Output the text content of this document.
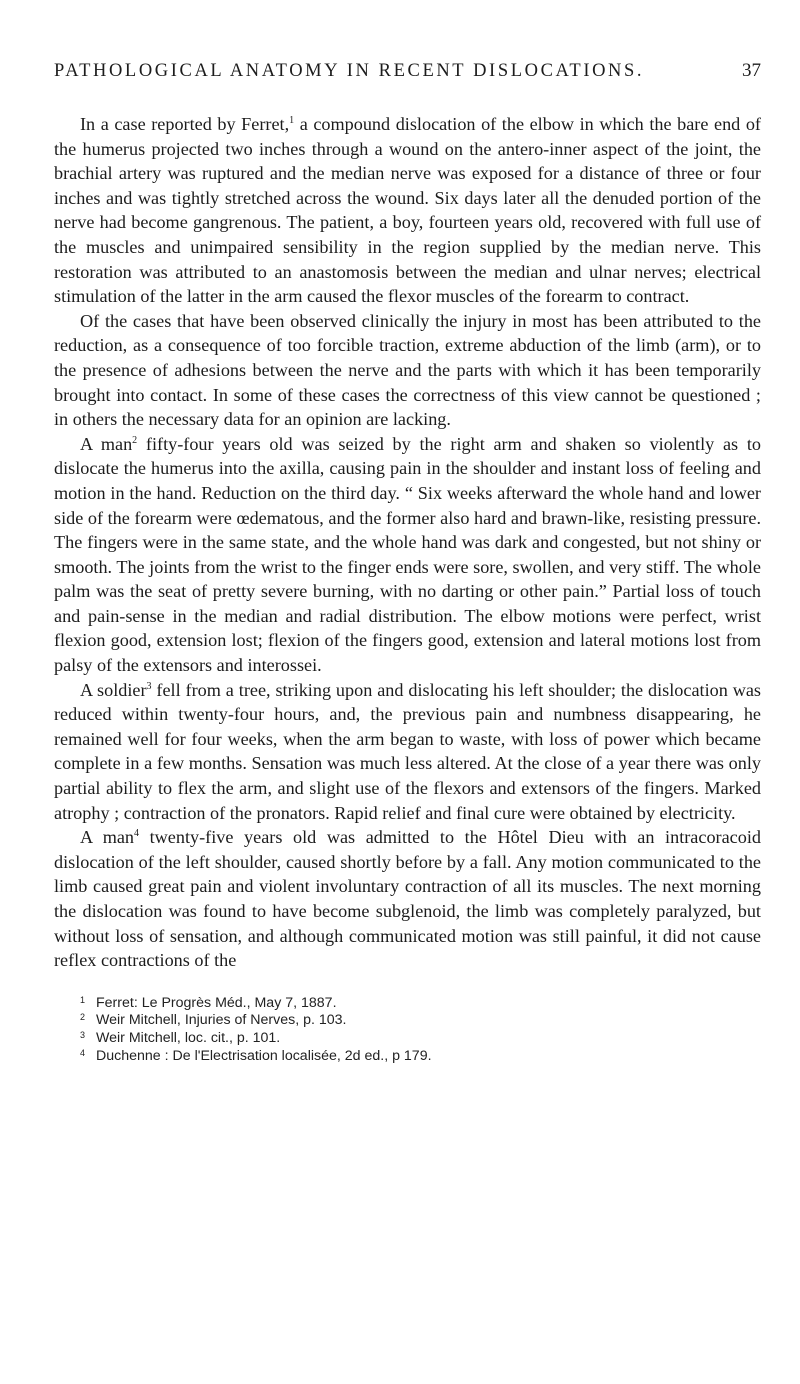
PATHOLOGICAL ANATOMY IN RECENT DISLOCATIONS.	37

In a case reported by Ferret,$^1$ a compound dislocation of the elbow in which the bare end of the humerus projected two inches through a wound on the antero-inner aspect of the joint, the brachial artery was ruptured and the median nerve was exposed for a distance of three or four inches and was tightly stretched across the wound. Six days later all the denuded portion of the nerve had become gangrenous. The patient, a boy, fourteen years old, recovered with full use of the muscles and unimpaired sensibility in the region supplied by the median nerve. This restoration was attributed to an anastomosis between the median and ulnar nerves; electrical stimulation of the latter in the arm caused the flexor muscles of the forearm to contract.

Of the cases that have been observed clinically the injury in most has been attributed to the reduction, as a consequence of too forcible traction, extreme abduction of the limb (arm), or to the presence of adhesions between the nerve and the parts with which it has been temporarily brought into contact. In some of these cases the correctness of this view cannot be questioned ; in others the necessary data for an opinion are lacking.

A man$^2$ fifty-four years old was seized by the right arm and shaken so violently as to dislocate the humerus into the axilla, causing pain in the shoulder and instant loss of feeling and motion in the hand. Reduction on the third day. “ Six weeks afterward the whole hand and lower side of the forearm were œdematous, and the former also hard and brawn-like, resisting pressure. The fingers were in the same state, and the whole hand was dark and congested, but not shiny or smooth. The joints from the wrist to the finger ends were sore, swollen, and very stiff. The whole palm was the seat of pretty severe burning, with no darting or other pain.” Partial loss of touch and pain-sense in the median and radial distribution. The elbow motions were perfect, wrist flexion good, extension lost; flexion of the fingers good, extension and lateral motions lost from palsy of the extensors and interossei.

A soldier$^3$ fell from a tree, striking upon and dislocating his left shoulder; the dislocation was reduced within twenty-four hours, and, the previous pain and numbness disappearing, he remained well for four weeks, when the arm began to waste, with loss of power which became complete in a few months. Sensation was much less altered. At the close of a year there was only partial ability to flex the arm, and slight use of the flexors and extensors of the fingers. Marked atrophy ; contraction of the pronators. Rapid relief and final cure were obtained by electricity.

A man$^4$ twenty-five years old was admitted to the Hôtel Dieu with an intracoracoid dislocation of the left shoulder, caused shortly before by a fall. Any motion communicated to the limb caused great pain and violent involuntary contraction of all its muscles. The next morning the dislocation was found to have become subglenoid, the limb was completely paralyzed, but without loss of sensation, and although communicated motion was still painful, it did not cause reflex contractions of the

1 Ferret: Le Progrès Méd., May 7, 1887.
2 Weir Mitchell, Injuries of Nerves, p. 103.
3 Weir Mitchell, loc. cit., p. 101.
4 Duchenne : De l'Electrisation localisée, 2d ed., p 179.
